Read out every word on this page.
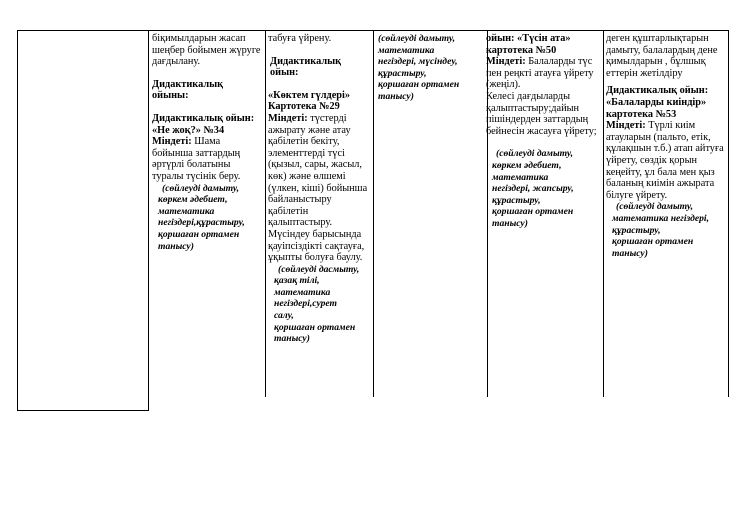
біқимылдарын жасап шеңбер бойымен жүруге дағдылану.

Дидактикалық ойыны:

Дидактикалық ойын: «Не жоқ?» №34

Міндеті: Шама бойынша заттардың әртүрлі болатыны туралы түсінік беру.

(сөйлеуді дамыту,

көркем әдебиет,

математика

негіздері,құрастыру,

қоршаған ортамен

танысу)

табуға үйрену.

Дидактикалық ойын:

«Көктем гүлдері»

Картотека №29

Міндеті: түстерді ажырату және атау қабілетін бекіту, элементтерді түсі (қызыл, сары, жасыл, көк) және өлшемі (үлкен, кіші) бойынша байланыстыру қабілетін қалыптастыру. Мүсіндеу барысында қауіпсіздікті сақтауға, ұқыпты болуға баулу.

(сөйлеуді дасмыту,

қазақ тілі,

математика

негіздері,сурет

салу,

қоршаған ортамен

танысу)

(сөйлеуді дамыту,

математика

негіздері, мүсіндеу,

құрастыру,

қоршаған ортамен

танысу)

ойын: «Түсін ата»

картотека №50

Міндеті: Балаларды түс пен реңкті атауға үйрету (жеңіл).

Келесі дағдыларды қалыптастыру;дайын пішіндерден заттардың бейнесін жасауға үйрету;

(сөйлеуді дамыту,

көркем әдебиет,

математика

негіздері, жапсыру,

құрастыру,

қоршаған ортамен

танысу)

деген құштарлықтарын дамыту, балалардың дене қимылдарын , бұлшық еттерін жетілдіру

Дидактикалық ойын: «Балаларды киіндір» картотека №53

Міндеті: Түрлі киім атауларын (пальто, етік, құлақшын т.б.) атап айтуға үйрету, сөздік қорын кеңейту, ұл бала мен қыз баланың киімін ажырата білуге үйрету.

(сөйлеуді дамыту,

математика негіздері,

құрастыру,

қоршаған ортамен

танысу)
